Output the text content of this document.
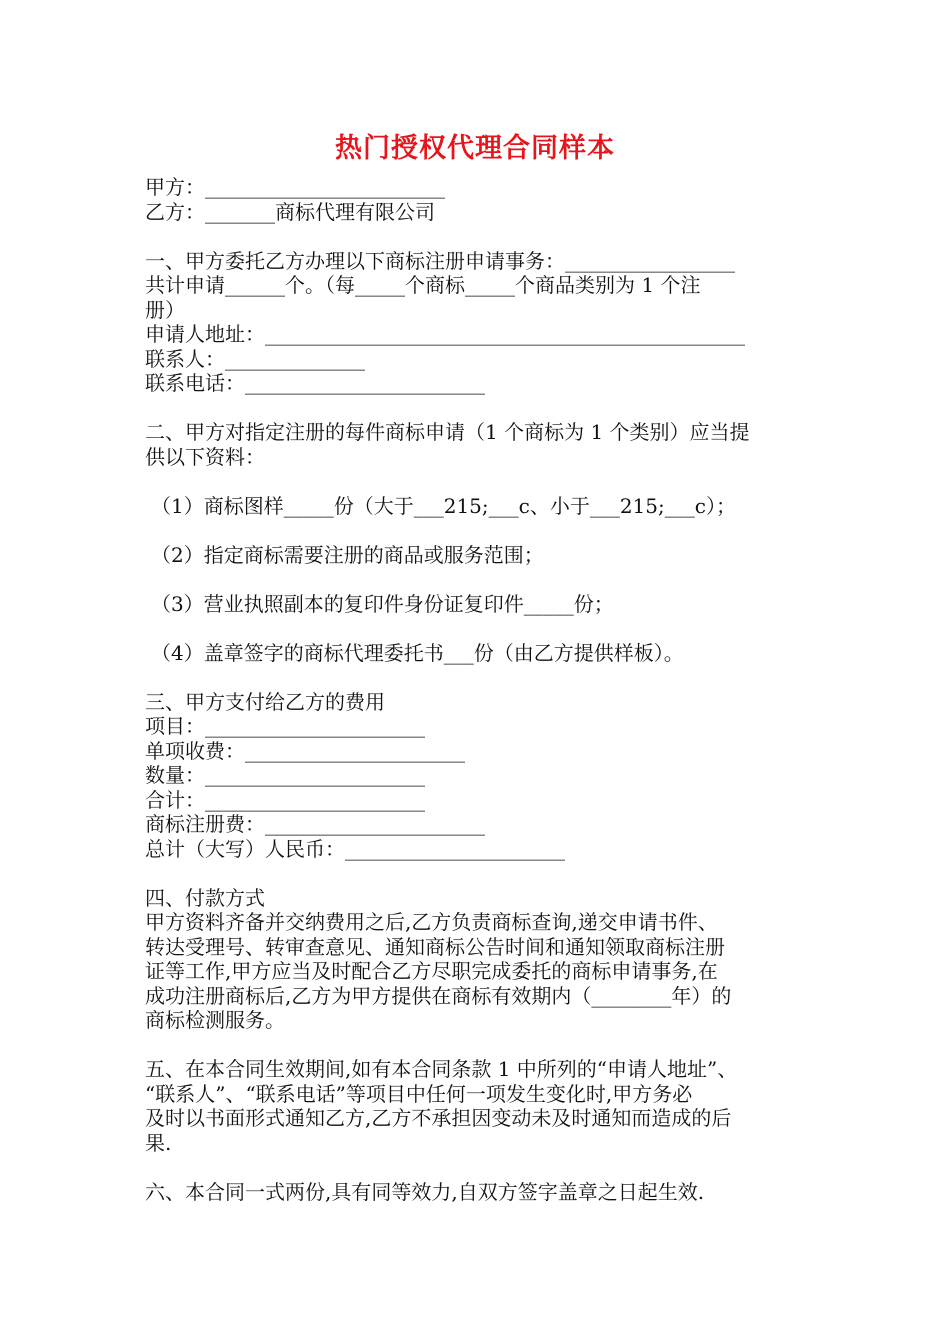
热门授权代理合同样本

甲方：________________________

乙方：_______商标代理有限公司

一、甲方委托乙方办理以下商标注册申请事务：_________________

共计申请______个。（每_____个商标_____个商品类别为 1 个注

册）

申请人地址：________________________________________________

联系人：______________

联系电话：________________________

二、甲方对指定注册的每件商标申请（1 个商标为 1 个类别）应当提

供以下资料：

（1）商标图样_____份（大于___215;___c、小于___215;___c）；

（2）指定商标需要注册的商品或服务范围；

（3）营业执照副本的复印件身份证复印件_____份；

（4）盖章签字的商标代理委托书___份（由乙方提供样板）。

三、甲方支付给乙方的费用

项目：______________________

单项收费：______________________

数量：______________________

合计：______________________

商标注册费：______________________

总计（大写）人民币：______________________

四、付款方式

甲方资料齐备并交纳费用之后,乙方负责商标查询,递交申请书件、

转达受理号、转审查意见、通知商标公告时间和通知领取商标注册

证等工作,甲方应当及时配合乙方尽职完成委托的商标申请事务,在

成功注册商标后,乙方为甲方提供在商标有效期内（________年）的

商标检测服务。

五、在本合同生效期间,如有本合同条款 1 中所列的“申请人地址”、

“联系人”、“联系电话”等项目中任何一项发生变化时,甲方务必

及时以书面形式通知乙方,乙方不承担因变动未及时通知而造成的后

果.

六、本合同一式两份,具有同等效力,自双方签字盖章之日起生效.
